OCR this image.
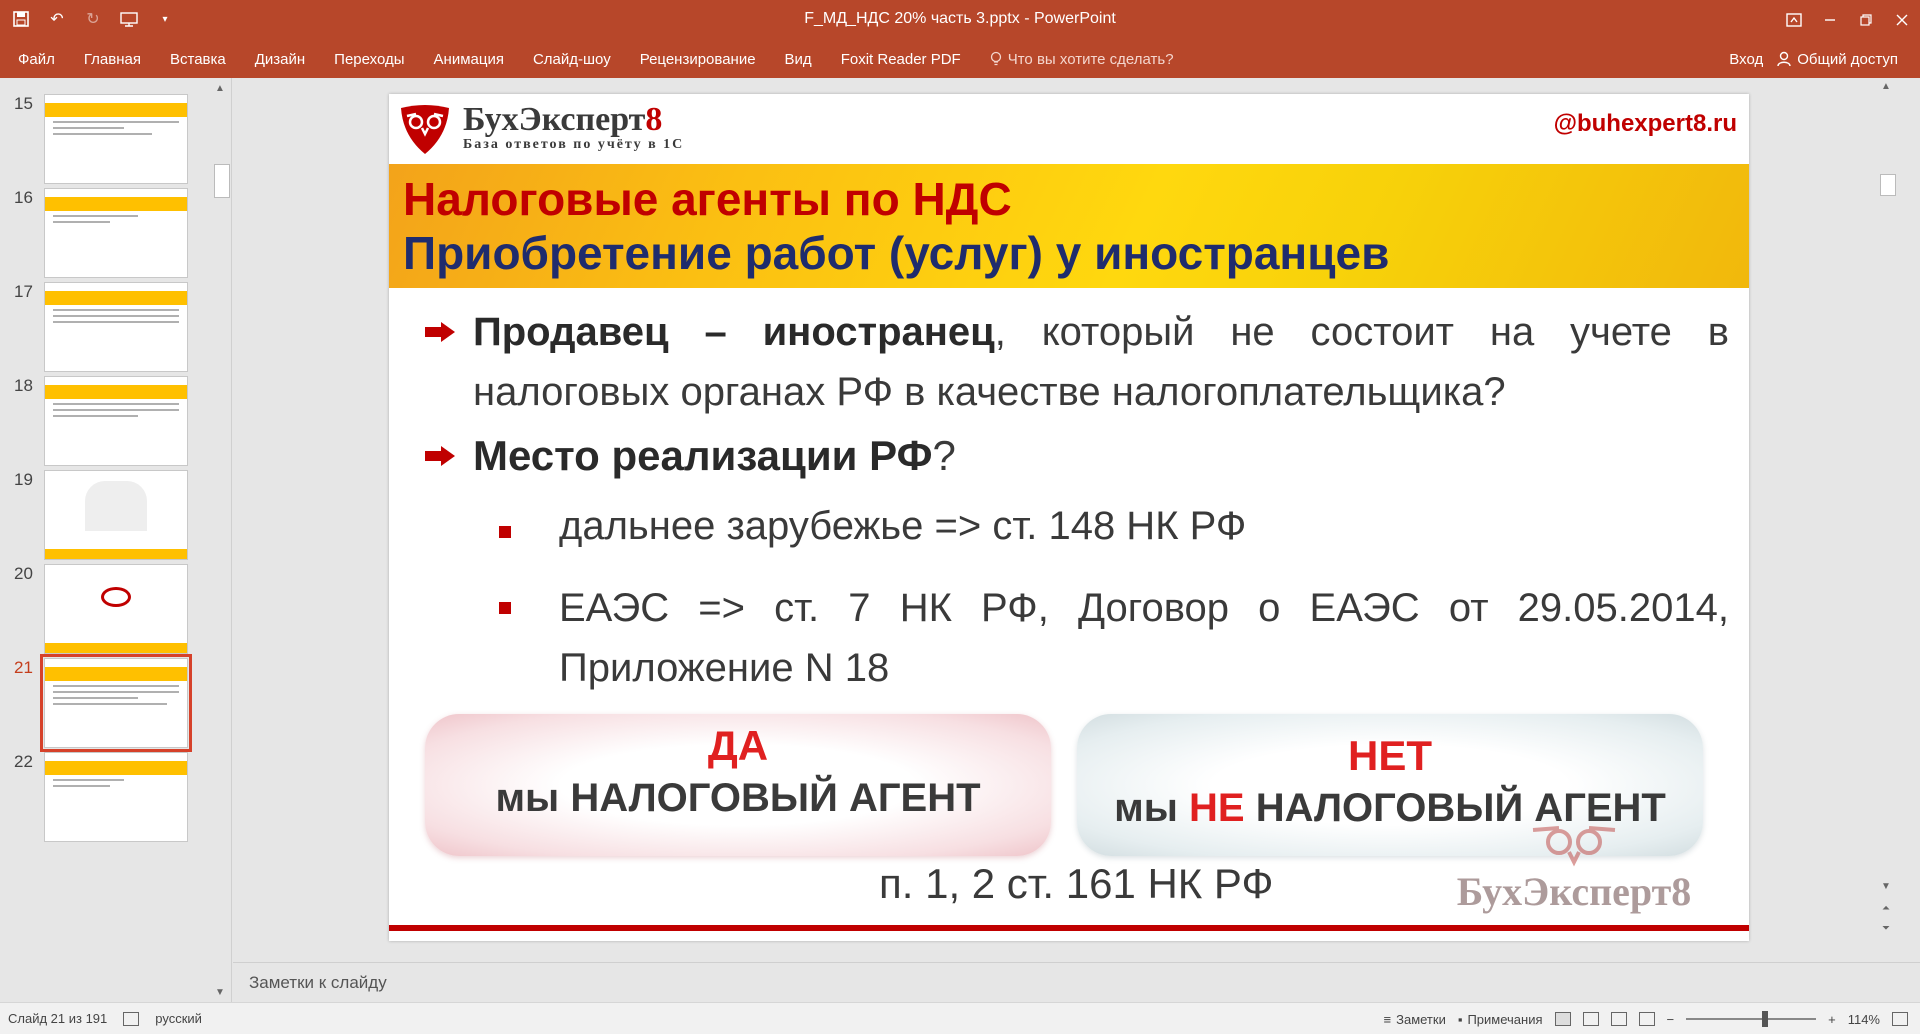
↶	↻	▾	F_МД_НДС 20% часть 3.pptx - PowerPoint
Файл Главная Вставка Дизайн Переходы Анимация Слайд-шоу Рецензирование Вид Foxit Reader PDF	Что вы хотите сделать?	Вход Общий доступ
15
16
17
18
19
20
21
22
▲
▼
БухЭксперт8
База ответов по учёту в 1С
@buhexpert8.ru
Налоговые агенты по НДС
Приобретение работ (услуг) у иностранцев
Продавец – иностранец, который не состоит на учете в налоговых органах РФ в качестве налогоплательщика?
Место реализации РФ?
дальнее зарубежье => ст. 148 НК РФ
ЕАЭС => ст. 7 НК РФ, Договор о ЕАЭС от 29.05.2014, Приложение N 18
ДА
мы НАЛОГОВЫЙ АГЕНТ
НЕТ
мы НЕ НАЛОГОВЫЙ АГЕНТ
п. 1, 2 ст. 161 НК РФ	БухЭксперт8
▲
▼
⏶
⏷
Заметки к слайду
Слайд 21 из 191	русский	≡ Заметки ▪ Примечания	−	+ 114%
